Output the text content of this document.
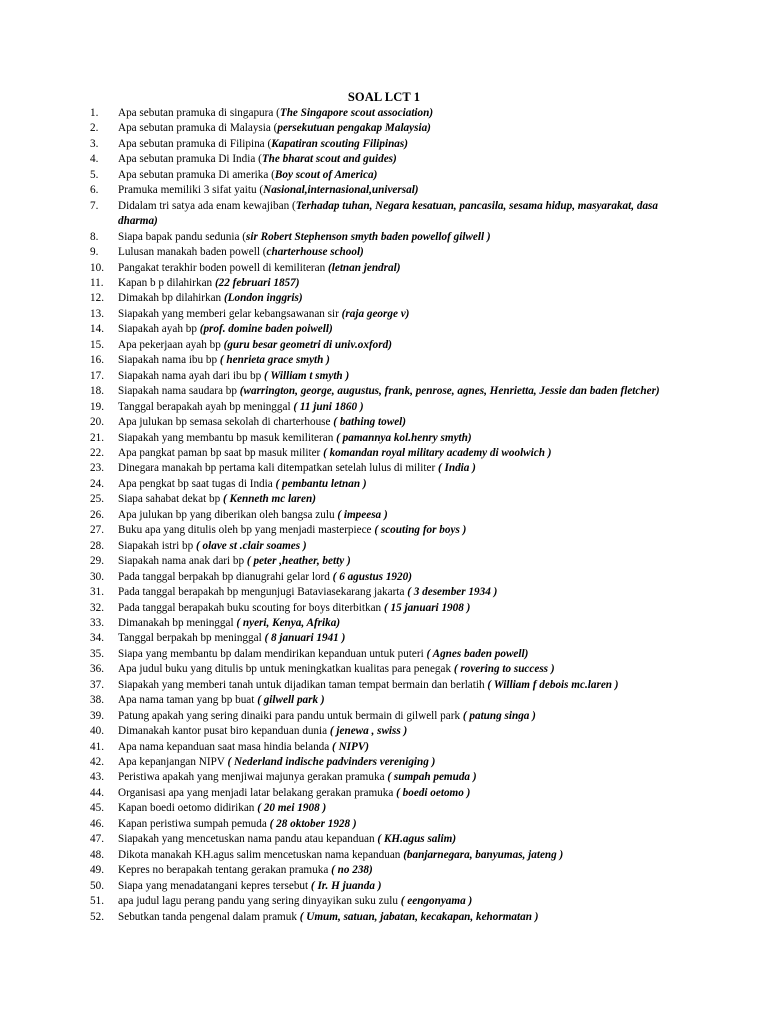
SOAL LCT 1
1. Apa sebutan pramuka di singapura (The Singapore scout association)
2. Apa sebutan pramuka di Malaysia (persekutuan pengakap Malaysia)
3. Apa sebutan pramuka di Filipina (Kapatiran scouting Filipinas)
4. Apa sebutan pramuka Di India (The bharat scout and guides)
5. Apa sebutan pramuka Di amerika (Boy scout of America)
6. Pramuka memiliki 3 sifat yaitu (Nasional,internasional,universal)
7. Didalam tri satya ada enam kewajiban (Terhadap tuhan, Negara kesatuan, pancasila, sesama hidup, masyarakat, dasa dharma)
8. Siapa bapak pandu sedunia (sir Robert Stephenson smyth baden powellof gilwell )
9. Lulusan manakah baden powell (charterhouse school)
10. Pangakat terakhir boden powell di kemiliteran (letnan jendral)
11. Kapan b p dilahirkan (22 februari 1857)
12. Dimakah bp dilahirkan (London inggris)
13. Siapakah yang memberi gelar kebangsawanan sir (raja george v)
14. Siapakah ayah bp (prof. domine baden poiwell)
15. Apa pekerjaan ayah bp (guru besar geometri di univ.oxford)
16. Siapakah nama ibu bp ( henrieta grace smyth )
17. Siapakah nama ayah dari ibu bp ( William t smyth )
18. Siapakah nama saudara bp (warrington, george, augustus, frank, penrose, agnes, Henrietta, Jessie dan baden fletcher)
19. Tanggal berapakah ayah bp meninggal ( 11 juni 1860 )
20. Apa julukan bp semasa sekolah di charterhouse ( bathing towel)
21. Siapakah yang membantu bp masuk kemiliteran ( pamannya kol.henry smyth)
22. Apa pangkat paman bp saat bp masuk militer ( komandan royal military academy di woolwich )
23. Dinegara manakah bp pertama kali ditempatkan setelah lulus di militer ( India )
24. Apa pengkat bp saat tugas di India ( pembantu letnan )
25. Siapa sahabat dekat bp ( Kenneth mc laren)
26. Apa julukan bp yang diberikan oleh bangsa zulu ( impeesa )
27. Buku apa yang ditulis oleh bp yang menjadi masterpiece ( scouting for boys )
28. Siapakah istri bp ( olave st .clair soames )
29. Siapakah nama anak dari bp ( peter ,heather, betty )
30. Pada tanggal berpakah bp dianugrahi gelar lord ( 6 agustus 1920)
31. Pada tanggal berapakah bp mengunjugi Bataviasekarang jakarta ( 3 desember 1934 )
32. Pada tanggal berapakah buku scouting for boys diterbitkan ( 15 januari 1908 )
33. Dimanakah bp meninggal ( nyeri, Kenya, Afrika)
34. Tanggal berpakah bp meninggal ( 8 januari 1941 )
35. Siapa yang membantu bp dalam mendirikan kepanduan untuk puteri ( Agnes baden powell)
36. Apa judul buku yang ditulis bp untuk meningkatkan kualitas para penegak ( rovering to success )
37. Siapakah yang memberi tanah untuk dijadikan taman tempat bermain dan berlatih ( William f debois mc.laren )
38. Apa nama taman yang bp buat ( gilwell park )
39. Patung apakah yang sering dinaiki para pandu untuk bermain di gilwell park ( patung singa )
40. Dimanakah kantor pusat biro kepanduan dunia ( jenewa , swiss )
41. Apa nama kepanduan saat masa hindia belanda ( NIPV)
42. Apa kepanjangan NIPV ( Nederland indische padvinders vereniging )
43. Peristiwa apakah yang menjiwai majunya gerakan pramuka ( sumpah pemuda )
44. Organisasi apa yang menjadi latar belakang gerakan pramuka ( boedi oetomo )
45. Kapan boedi oetomo didirikan ( 20 mei 1908 )
46. Kapan peristiwa sumpah pemuda ( 28 oktober 1928 )
47. Siapakah yang mencetuskan nama pandu atau kepanduan ( KH.agus salim)
48. Dikota manakah KH.agus salim mencetuskan nama kepanduan (banjarnegara, banyumas, jateng )
49. Kepres no berapakah tentang gerakan pramuka ( no 238)
50. Siapa yang menadatangani kepres tersebut ( Ir. H juanda )
51. apa judul lagu perang pandu yang sering dinyayikan suku zulu ( eengonyama )
52. Sebutkan tanda pengenal dalam pramuk ( Umum, satuan, jabatan, kecakapan, kehormatan )
